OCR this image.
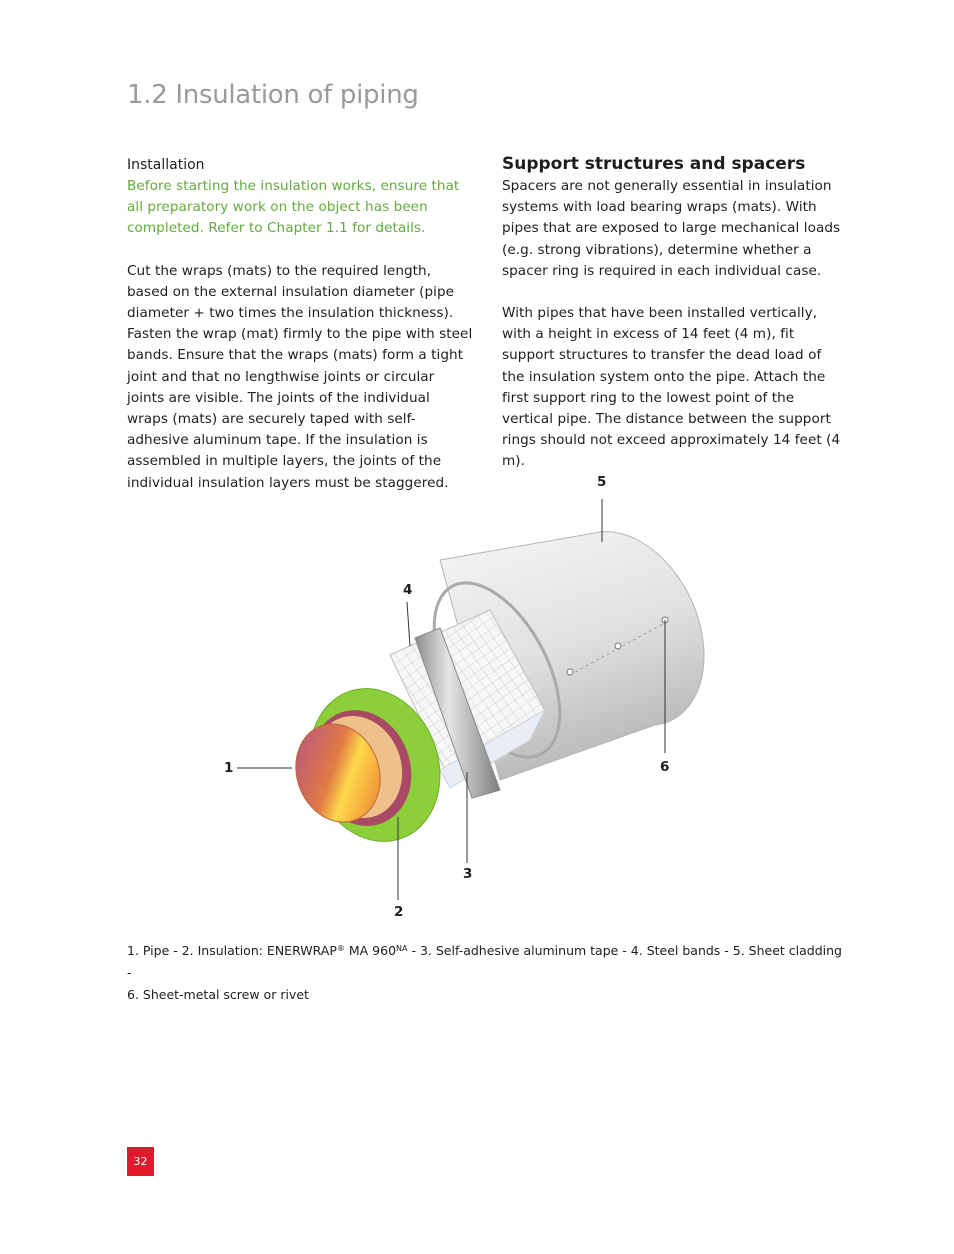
1.2 Insulation of piping

Installation

Before starting the insulation works, ensure that all preparatory work on the object has been completed. Refer to Chapter 1.1 for details.

Cut the wraps (mats) to the required length, based on the external insulation diameter (pipe diameter + two times the insulation thickness). Fasten the wrap (mat) firmly to the pipe with steel bands. Ensure that the wraps (mats) form a tight joint and that no lengthwise joints or circular joints are visible. The joints of the individual wraps (mats) are securely taped with self-adhesive aluminum tape. If the insulation is assembled in multiple layers, the joints of the individual insulation layers must be staggered.

Support structures and spacers

Spacers are not generally essential in insulation systems with load bearing wraps (mats). With pipes that are exposed to large mechanical loads (e.g. strong vibrations), determine whether a spacer ring is required in each individual case.

With pipes that have been installed vertically, with a height in excess of 14 feet (4 m), fit support structures to transfer the dead load of the insulation system onto the pipe. Attach the first support ring to the lowest point of the vertical pipe. The distance between the support rings should not exceed approximately 14 feet (4 m).

1
2
3
4
5
6
1. Pipe - 2. Insulation: ENERWRAP® MA $960^{NA} - 3$. Self-adhesive aluminum tape - 4. Steel bands - 5. Sheet cladding -
6. Sheet-metal screw or rivet
32
